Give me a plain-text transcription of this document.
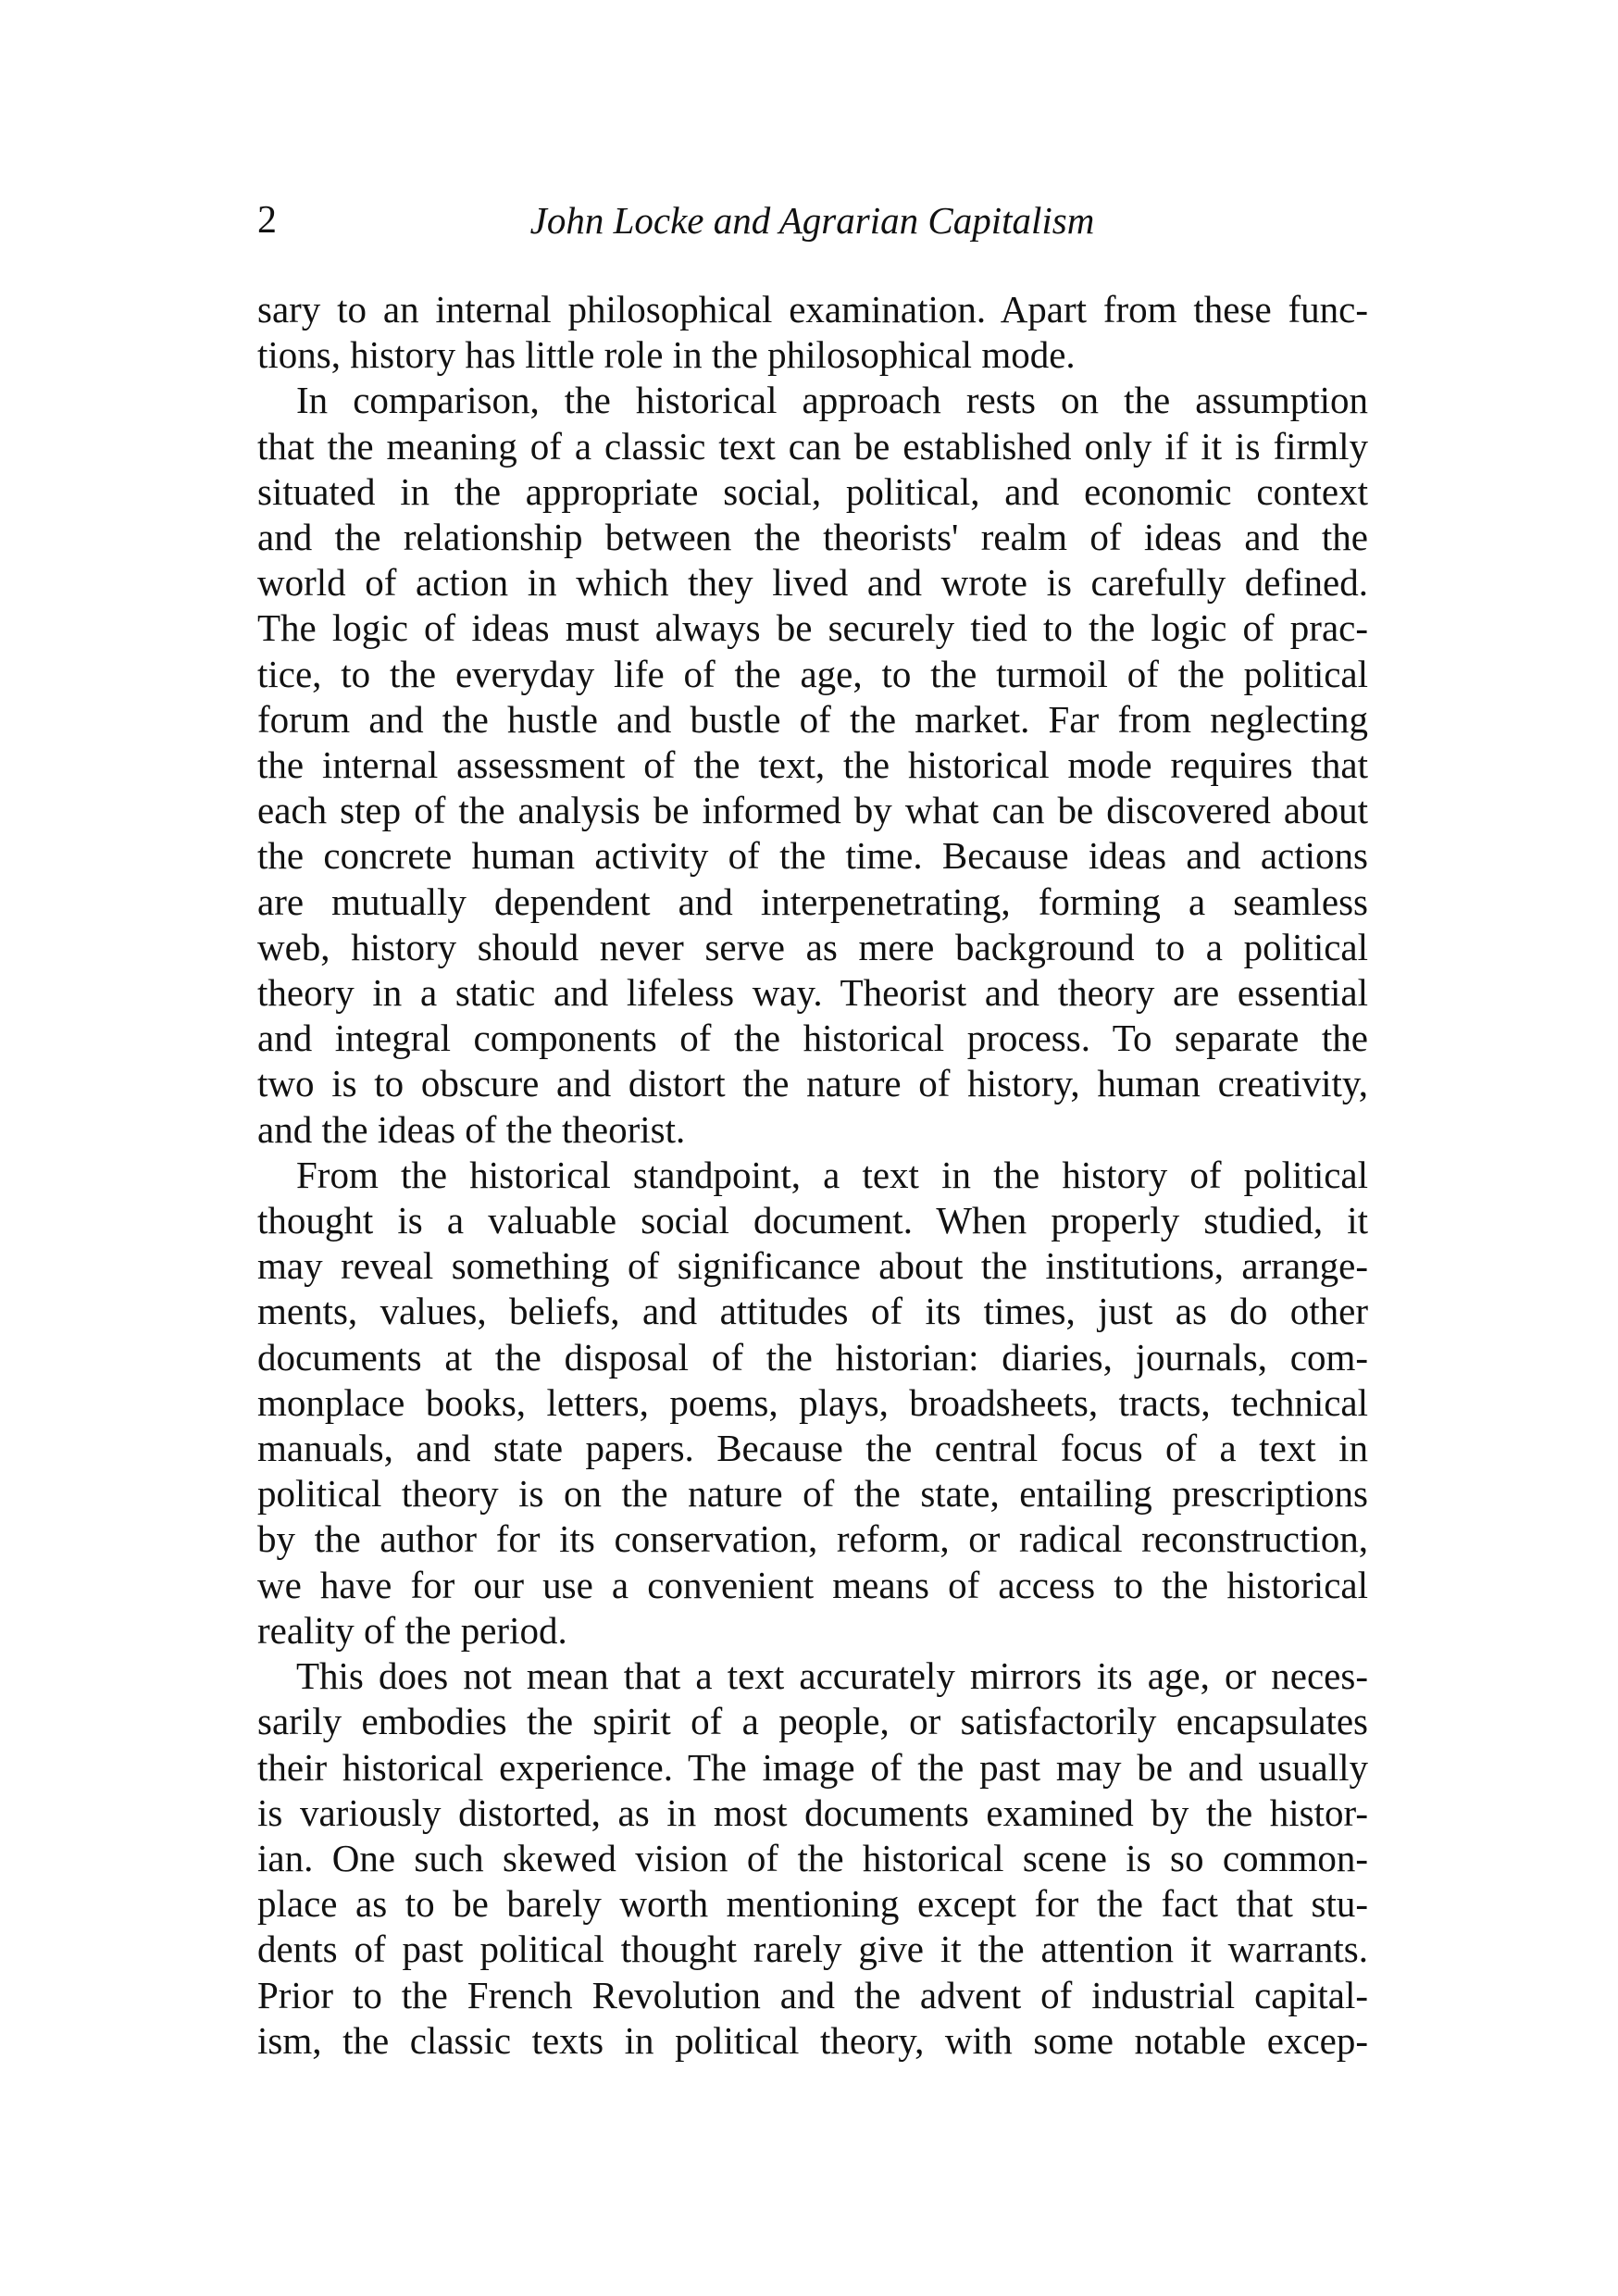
2	John Locke and Agrarian Capitalism

sary to an internal philosophical examination. Apart from these func-
tions, history has little role in the philosophical mode.

In comparison, the historical approach rests on the assumption
that the meaning of a classic text can be established only if it is firmly
situated in the appropriate social, political, and economic context
and the relationship between the theorists' realm of ideas and the
world of action in which they lived and wrote is carefully defined.
The logic of ideas must always be securely tied to the logic of prac-
tice, to the everyday life of the age, to the turmoil of the political
forum and the hustle and bustle of the market. Far from neglecting
the internal assessment of the text, the historical mode requires that
each step of the analysis be informed by what can be discovered about
the concrete human activity of the time. Because ideas and actions
are mutually dependent and interpenetrating, forming a seamless
web, history should never serve as mere background to a political
theory in a static and lifeless way. Theorist and theory are essential
and integral components of the historical process. To separate the
two is to obscure and distort the nature of history, human creativity,
and the ideas of the theorist.

From the historical standpoint, a text in the history of political
thought is a valuable social document. When properly studied, it
may reveal something of significance about the institutions, arrange-
ments, values, beliefs, and attitudes of its times, just as do other
documents at the disposal of the historian: diaries, journals, com-
monplace books, letters, poems, plays, broadsheets, tracts, technical
manuals, and state papers. Because the central focus of a text in
political theory is on the nature of the state, entailing prescriptions
by the author for its conservation, reform, or radical reconstruction,
we have for our use a convenient means of access to the historical
reality of the period.

This does not mean that a text accurately mirrors its age, or neces-
sarily embodies the spirit of a people, or satisfactorily encapsulates
their historical experience. The image of the past may be and usually
is variously distorted, as in most documents examined by the histor-
ian. One such skewed vision of the historical scene is so common-
place as to be barely worth mentioning except for the fact that stu-
dents of past political thought rarely give it the attention it warrants.
Prior to the French Revolution and the advent of industrial capital-
ism, the classic texts in political theory, with some notable excep-
